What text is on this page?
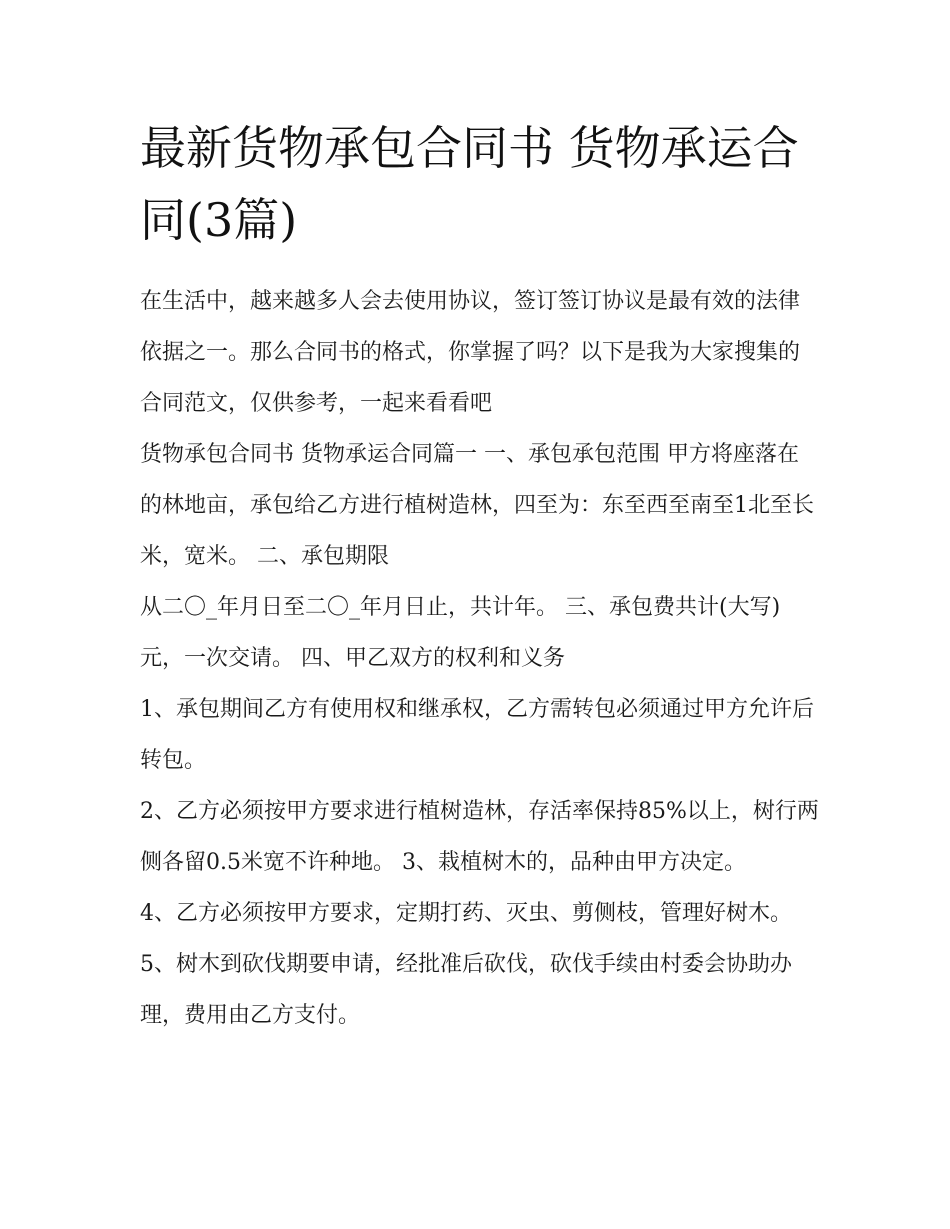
最新货物承包合同书 货物承运合同(3篇)

在生活中，越来越多人会去使用协议，签订签订协议是最有效的法律依据之一。那么合同书的格式，你掌握了吗？以下是我为大家搜集的合同范文，仅供参考，一起来看看吧

货物承包合同书 货物承运合同篇一 一、承包承包范围 甲方将座落在的林地亩，承包给乙方进行植树造林，四至为：东至西至南至1北至长米，宽米。 二、承包期限

从二〇_年月日至二〇_年月日止，共计年。 三、承包费共计(大写)元，一次交请。 四、甲乙双方的权利和义务

1、承包期间乙方有使用权和继承权，乙方需转包必须通过甲方允许后转包。

2、乙方必须按甲方要求进行植树造林，存活率保持85%以上，树行两侧各留0.5米宽不许种地。 3、栽植树木的，品种由甲方决定。

4、乙方必须按甲方要求，定期打药、灭虫、剪侧枝，管理好树木。 5、树木到砍伐期要申请，经批准后砍伐，砍伐手续由村委会协助办理，费用由乙方支付。
